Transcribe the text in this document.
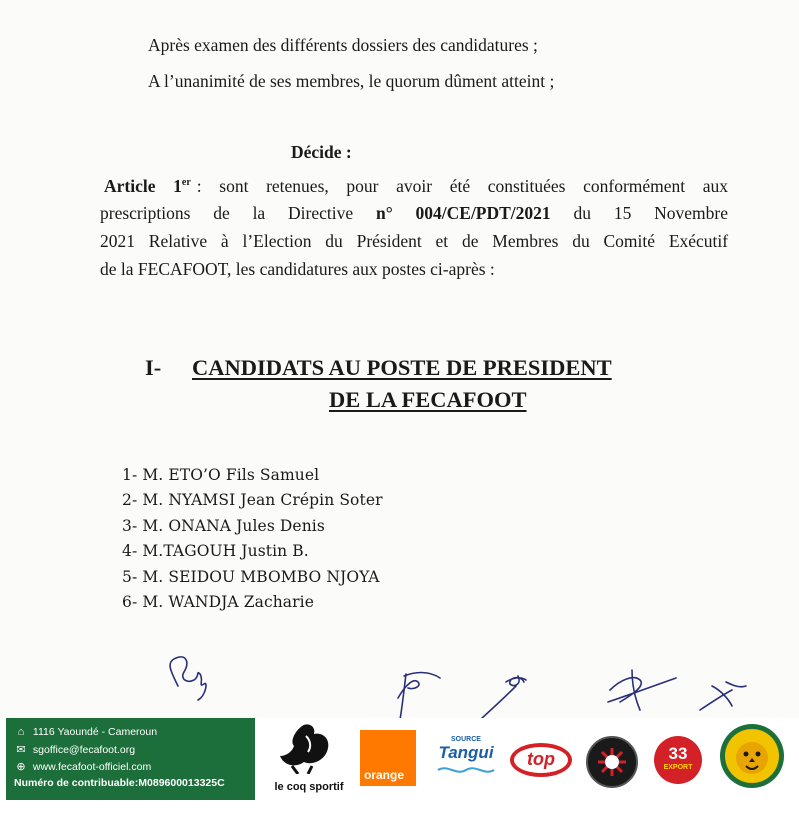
Après examen des différents dossiers des candidatures ;
A l’unanimité de ses membres, le quorum dûment atteint ;
Décide :
Article 1er : sont retenues, pour avoir été constituées conformément aux
prescriptions de la Directive n° 004/CE/PDT/2021 du 15 Novembre
2021 Relative à l’Election du Président et de Membres du Comité Exécutif
de la FECAFOOT, les candidatures aux postes ci-après :
I- CANDIDATS AU POSTE DE PRESIDENT
DE LA FECAFOOT
1- M. ETO’O Fils Samuel
2- M. NYAMSI Jean Crépin Soter
3- M. ONANA Jules Denis
4- M.TAGOUH Justin B.
5- M. SEIDOU MBOMBO NJOYA
6- M. WANDJA Zacharie
⌂ 1116 Yaoundé - Cameroun
✉ sgoffice@fecafoot.org
⊕ www.fecafoot-officiel.com
Numéro de contribuable:M089600013325C	le coq sportif
orange
SOURCE
Tangui	top	33
EXPORT
